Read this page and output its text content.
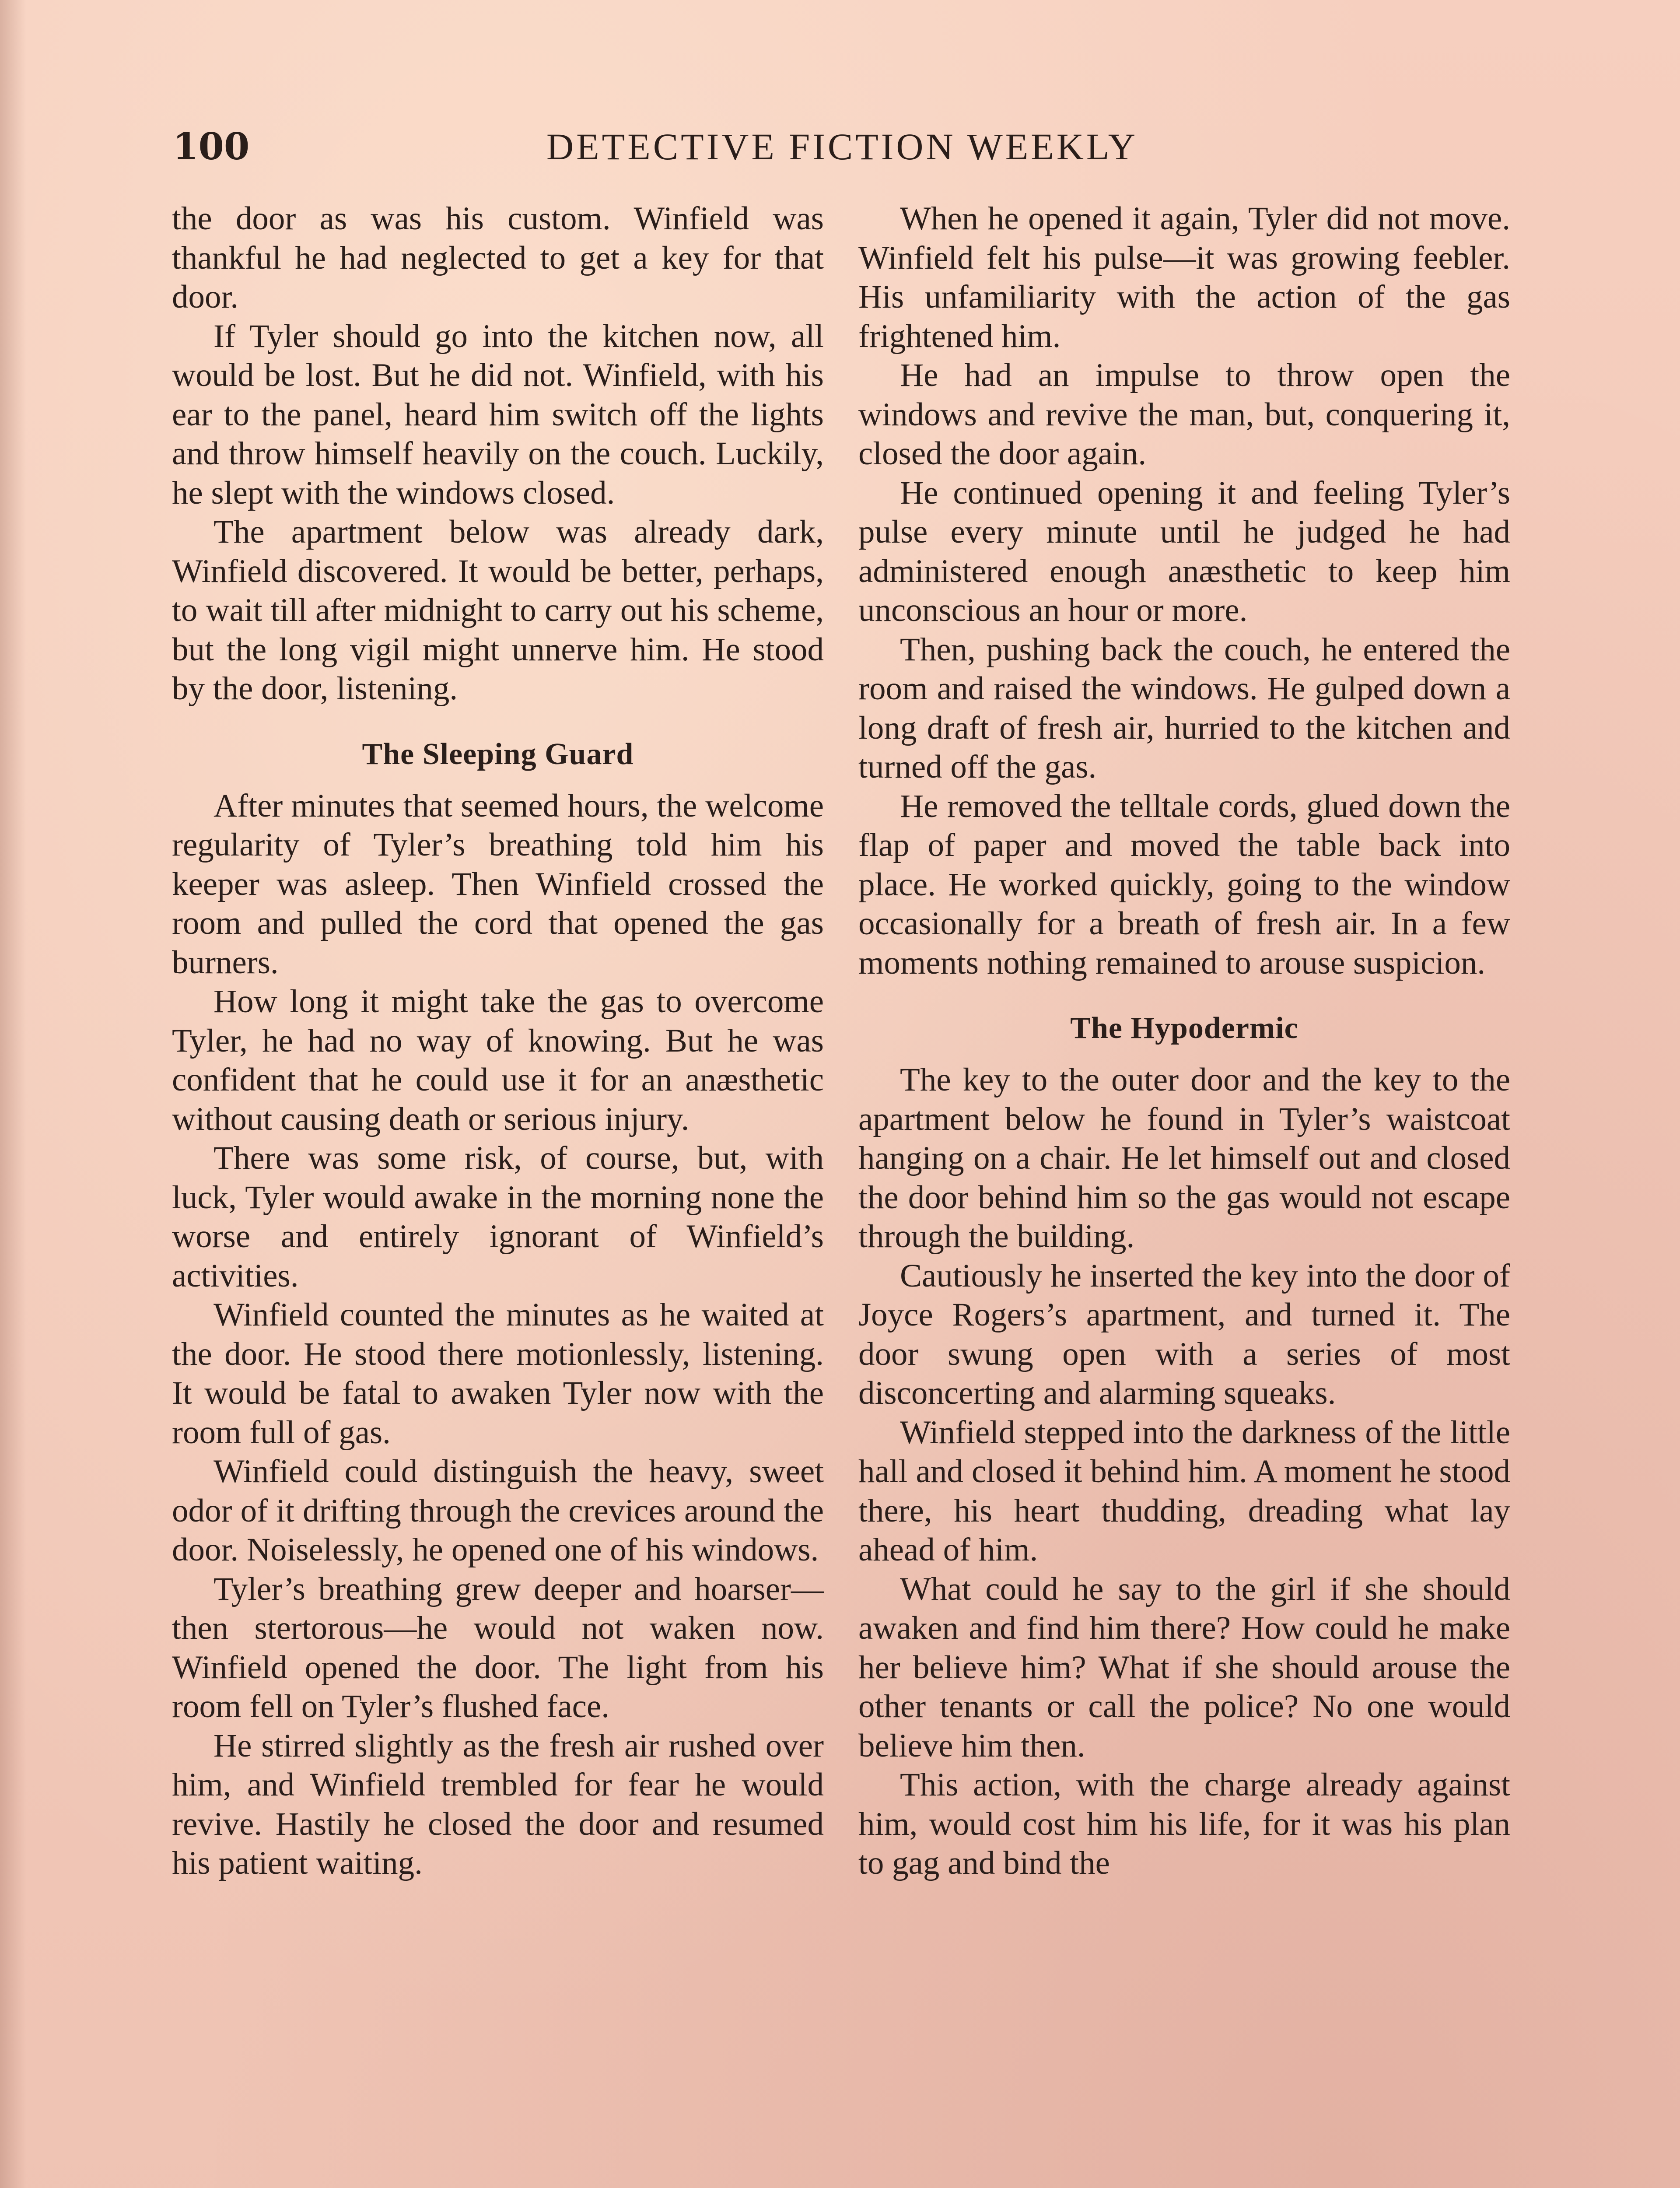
100	DETECTIVE FICTION WEEKLY

the door as was his custom. Winfield was thankful he had neglected to get a key for that door.

If Tyler should go into the kitchen now, all would be lost. But he did not. Winfield, with his ear to the panel, heard him switch off the lights and throw himself heavily on the couch. Luckily, he slept with the windows closed.

The apartment below was already dark, Winfield discovered. It would be better, perhaps, to wait till after midnight to carry out his scheme, but the long vigil might unnerve him. He stood by the door, listening.

The Sleeping Guard

After minutes that seemed hours, the welcome regularity of Tyler’s breathing told him his keeper was asleep. Then Winfield crossed the room and pulled the cord that opened the gas burners.

How long it might take the gas to overcome Tyler, he had no way of knowing. But he was confident that he could use it for an anæsthetic without causing death or serious injury.

There was some risk, of course, but, with luck, Tyler would awake in the morning none the worse and entirely ignorant of Winfield’s activities.

Winfield counted the minutes as he waited at the door. He stood there motionlessly, listening. It would be fatal to awaken Tyler now with the room full of gas.

Winfield could distinguish the heavy, sweet odor of it drifting through the crevices around the door. Noiselessly, he opened one of his windows.

Tyler’s breathing grew deeper and hoarser—then stertorous—he would not waken now. Winfield opened the door. The light from his room fell on Tyler’s flushed face.

He stirred slightly as the fresh air rushed over him, and Winfield trembled for fear he would revive. Hastily he closed the door and resumed his patient waiting.

When he opened it again, Tyler did not move. Winfield felt his pulse—it was growing feebler. His unfamiliarity with the action of the gas frightened him.

He had an impulse to throw open the windows and revive the man, but, conquering it, closed the door again.

He continued opening it and feeling Tyler’s pulse every minute until he judged he had administered enough anæsthetic to keep him unconscious an hour or more.

Then, pushing back the couch, he entered the room and raised the windows. He gulped down a long draft of fresh air, hurried to the kitchen and turned off the gas.

He removed the telltale cords, glued down the flap of paper and moved the table back into place. He worked quickly, going to the window occasionally for a breath of fresh air. In a few moments nothing remained to arouse suspicion.

The Hypodermic

The key to the outer door and the key to the apartment below he found in Tyler’s waistcoat hanging on a chair. He let himself out and closed the door behind him so the gas would not escape through the building.

Cautiously he inserted the key into the door of Joyce Rogers’s apartment, and turned it. The door swung open with a series of most disconcerting and alarming squeaks.

Winfield stepped into the darkness of the little hall and closed it behind him. A moment he stood there, his heart thudding, dreading what lay ahead of him.

What could he say to the girl if she should awaken and find him there? How could he make her believe him? What if she should arouse the other tenants or call the police? No one would believe him then.

This action, with the charge already against him, would cost him his life, for it was his plan to gag and bind the
